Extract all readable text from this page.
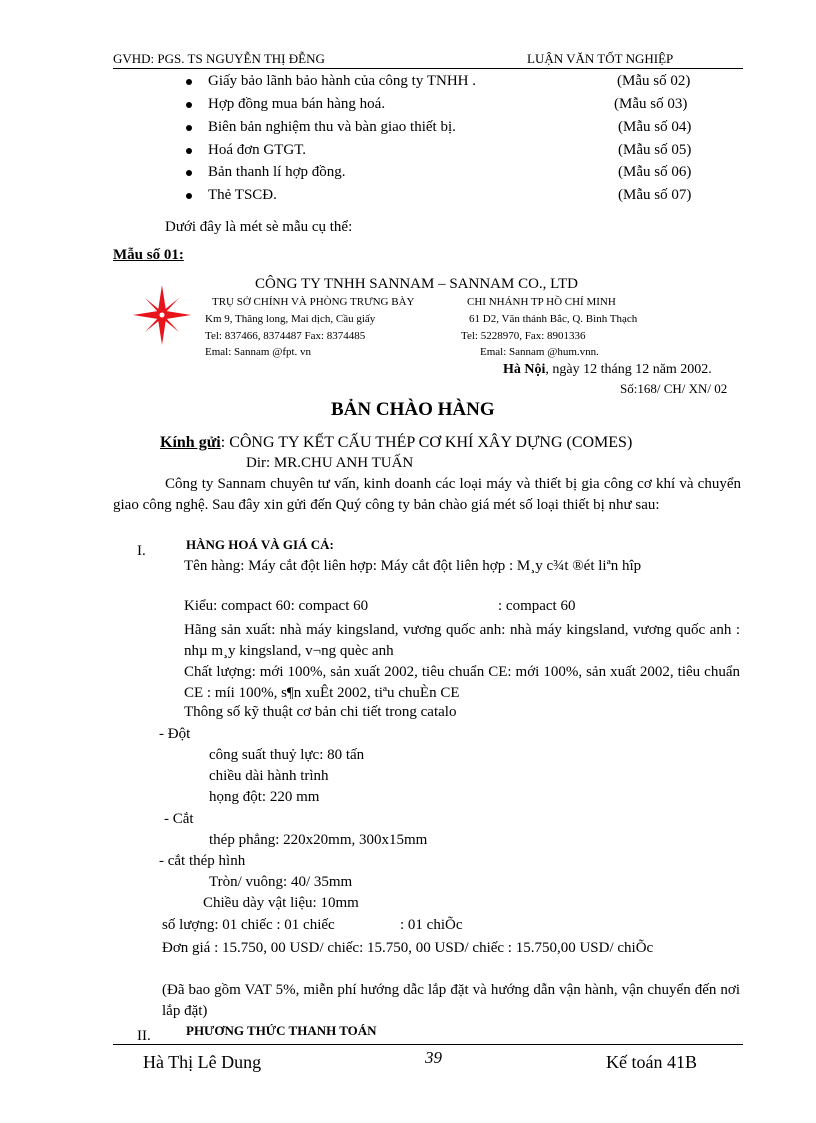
GVHD: PGS. TS NGUYỄN THỊ ĐỄNG	LUẬN VĂN TỐT NGHIỆP
Giấy bảo lãnh bảo hành của công ty TNHH .	(Mẫu số 02)
Hợp đồng mua bán hàng hoá.	(Mẫu số 03)
Biên bản nghiệm thu và bàn giao thiết bị.	(Mẫu số 04)
Hoá đơn GTGT.	(Mẫu số 05)
Bản thanh lí hợp đồng.	(Mẫu số 06)
Thẻ TSCĐ.	(Mẫu số 07)
Dưới đây là mét sè mẫu cụ thể:
Mẫu số 01:
CÔNG TY TNHH SANNAM – SANNAM CO., LTD
TRỤ SỞ CHÍNH VÀ PHÒNG TRƯNG BÀY	CHI NHÁNH TP HỒ CHÍ MINH
Km 9, Thăng long, Mai dịch, Cầu giấy	61 D2, Văn thánh Bắc, Q. Bình Thạch
Tel: 837466, 8374487 Fax: 8374485	Tel: 5228970, Fax: 8901336
Emal: Sannam @fpt. vn	Emal: Sannam @hum.vnn.
Hà Nội, ngày 12 tháng 12 năm 2002.
Số:168/ CH/ XN/ 02
BẢN CHÀO HÀNG
Kính gửi: CÔNG TY KẾT CẤU THÉP CƠ KHÍ XÂY DỰNG (COMES)
Dir: MR.CHU ANH TUẤN
Công ty Sannam chuyên tư vấn, kinh doanh các loại máy và thiết bị gia công cơ khí và chuyển giao công nghệ. Sau đây xin gửi đến Quý công ty bản chào giá mét số loại thiết bị như sau:
I.	HÀNG HOÁ VÀ GIÁ CẢ:
Tên hàng: Máy cắt đột liên hợp: Máy cắt đột liên hợp : M¸y c¾t ®ét liªn hîp
Kiểu: compact 60: compact 60	: compact 60
Hãng sản xuất: nhà máy kingsland, vương quốc anh: nhà máy kingsland, vương quốc anh : nhµ m¸y kingsland, v¬ng quèc anh
Chất lượng: mới 100%, sản xuất 2002, tiêu chuẩn CE: mới 100%, sản xuất 2002, tiêu chuẩn CE : míi 100%, s¶n xuÊt 2002, tiªu chuÈn CE
Thông số kỹ thuật cơ bản chi tiết trong catalo
- Đột
công suất thuỷ lực: 80 tấn
chiều dài hành trình
họng đột: 220 mm
- Cắt
thép phẳng: 220x20mm, 300x15mm
- cắt thép hình
Tròn/ vuông: 40/ 35mm
Chiều dày vật liệu: 10mm
số lượng: 01 chiếc : 01 chiếc	: 01 chiÕc
Đơn giá : 15.750, 00 USD/ chiếc: 15.750, 00 USD/ chiếc : 15.750,00 USD/ chiÕc
(Đã bao gồm VAT 5%, miễn phí hướng dẫc lắp đặt và hướng dẫn vận hành, vận chuyển đến nơi lắp đặt)
II.	PHƯƠNG THỨC THANH TOÁN
Hà Thị Lê Dung	39	Kế toán 41B
